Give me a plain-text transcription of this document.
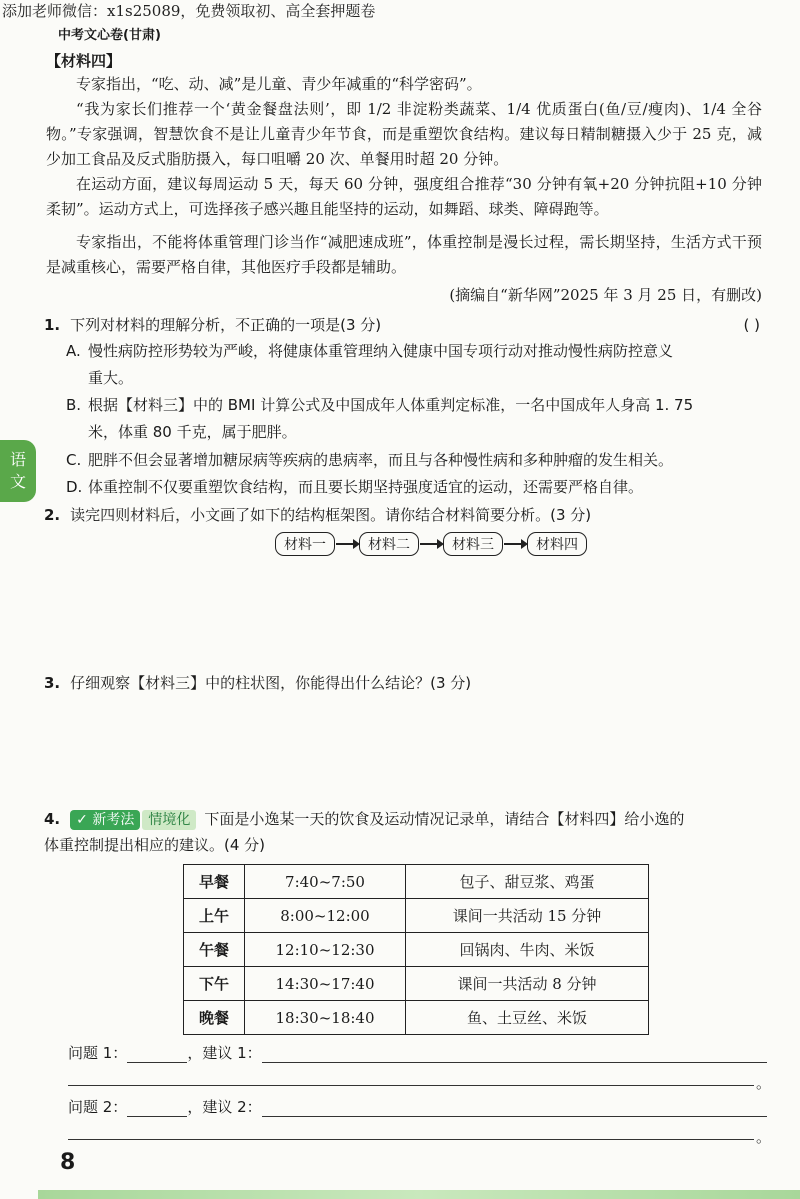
添加老师微信：x1s25089，免费领取初、高全套押题卷
中考文心卷(甘肃)
【材料四】
专家指出，“吃、动、减”是儿童、青少年减重的“科学密码”。
“我为家长们推荐一个‘黄金餐盘法则’，即 1/2 非淀粉类蔬菜、1/4 优质蛋白(鱼/豆/瘦肉)、1/4 全谷物。”专家强调，智慧饮食不是让儿童青少年节食，而是重塑饮食结构。建议每日精制糖摄入少于 25 克，减少加工食品及反式脂肪摄入，每口咀嚼 20 次、单餐用时超 20 分钟。
在运动方面，建议每周运动 5 天，每天 60 分钟，强度组合推荐“30 分钟有氧+20 分钟抗阻+10 分钟柔韧”。运动方式上，可选择孩子感兴趣且能坚持的运动，如舞蹈、球类、障碍跑等。
专家指出，不能将体重管理门诊当作“减肥速成班”，体重控制是漫长过程，需长期坚持，生活方式干预是减重核心，需要严格自律，其他医疗手段都是辅助。
(摘编自“新华网”2025 年 3 月 25 日，有删改)
1. 下列对材料的理解分析，不正确的一项是(3 分)	( )
A. 慢性病防控形势较为严峻，将健康体重管理纳入健康中国专项行动对推动慢性病防控意义
重大。
B. 根据【材料三】中的 BMI 计算公式及中国成年人体重判定标准，一名中国成年人身高 1. 75
米，体重 80 千克，属于肥胖。
C. 肥胖不但会显著增加糖尿病等疾病的患病率，而且与各种慢性病和多种肿瘤的发生相关。
D. 体重控制不仅要重塑饮食结构，而且要长期坚持强度适宜的运动，还需要严格自律。
语
文
2. 读完四则材料后，小文画了如下的结构框架图。请你结合材料简要分析。(3 分)
材料一	材料二	材料三	材料四
3. 仔细观察【材料三】中的柱状图，你能得出什么结论？(3 分)
4. ✓ 新考法 情境化 下面是小逸某一天的饮食及运动情况记录单，请结合【材料四】给小逸的
体重控制提出相应的建议。(4 分)
早餐	7:40~7:50	包子、甜豆浆、鸡蛋
上午	8:00~12:00	课间一共活动 15 分钟
午餐	12:10~12:30	回锅肉、牛肉、米饭
下午	14:30~17:40	课间一共活动 8 分钟
晚餐	18:30~18:40	鱼、土豆丝、米饭
问题 1：	，建议 1：
。
问题 2：	，建议 2：
。
8
